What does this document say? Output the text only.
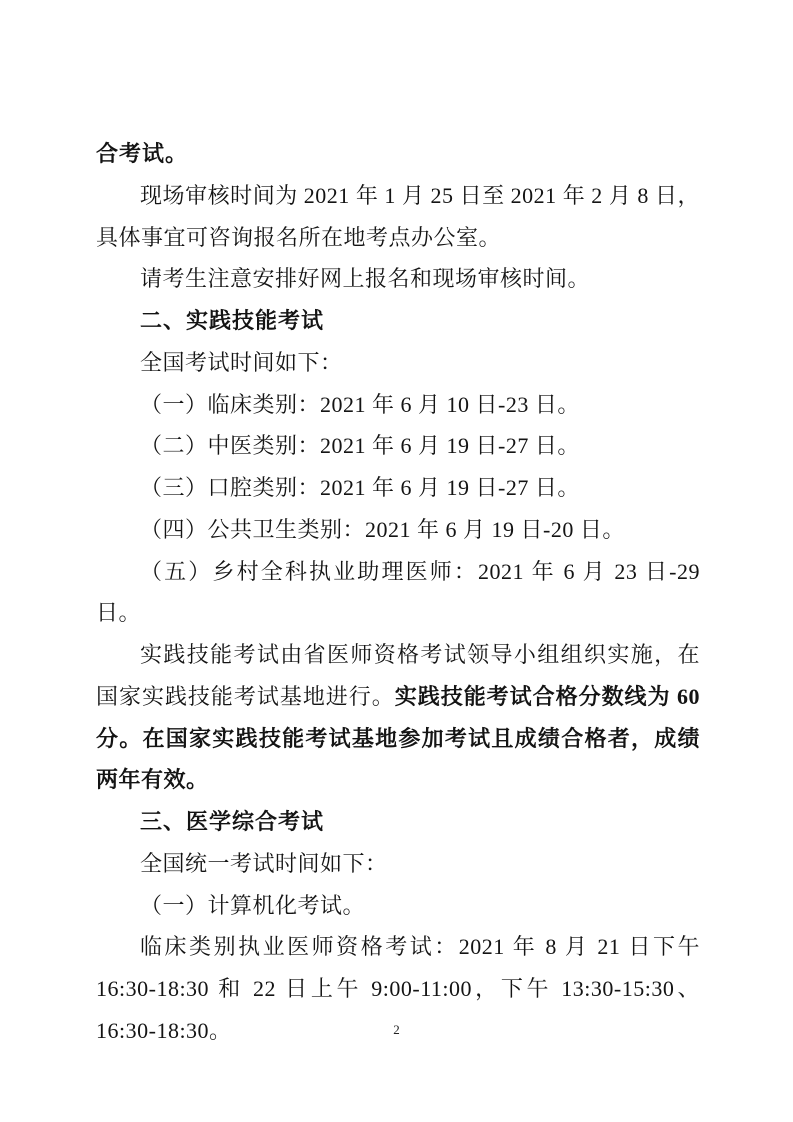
合考试。

现场审核时间为 2021 年 1 月 25 日至 2021 年 2 月 8 日，具体事宜可咨询报名所在地考点办公室。

请考生注意安排好网上报名和现场审核时间。

二、实践技能考试

全国考试时间如下：

（一）临床类别：2021 年 6 月 10 日-23 日。

（二）中医类别：2021 年 6 月 19 日-27 日。

（三）口腔类别：2021 年 6 月 19 日-27 日。

（四）公共卫生类别：2021 年 6 月 19 日-20 日。

（五）乡村全科执业助理医师：2021 年 6 月 23 日-29 日。

实践技能考试由省医师资格考试领导小组组织实施，在国家实践技能考试基地进行。实践技能考试合格分数线为 60 分。在国家实践技能考试基地参加考试且成绩合格者，成绩两年有效。

三、医学综合考试

全国统一考试时间如下：

（一）计算机化考试。

临床类别执业医师资格考试：2021 年 8 月 21 日下午 16:30-18:30 和 22 日上午 9:00-11:00，下午 13:30-15:30、16:30-18:30。	2
